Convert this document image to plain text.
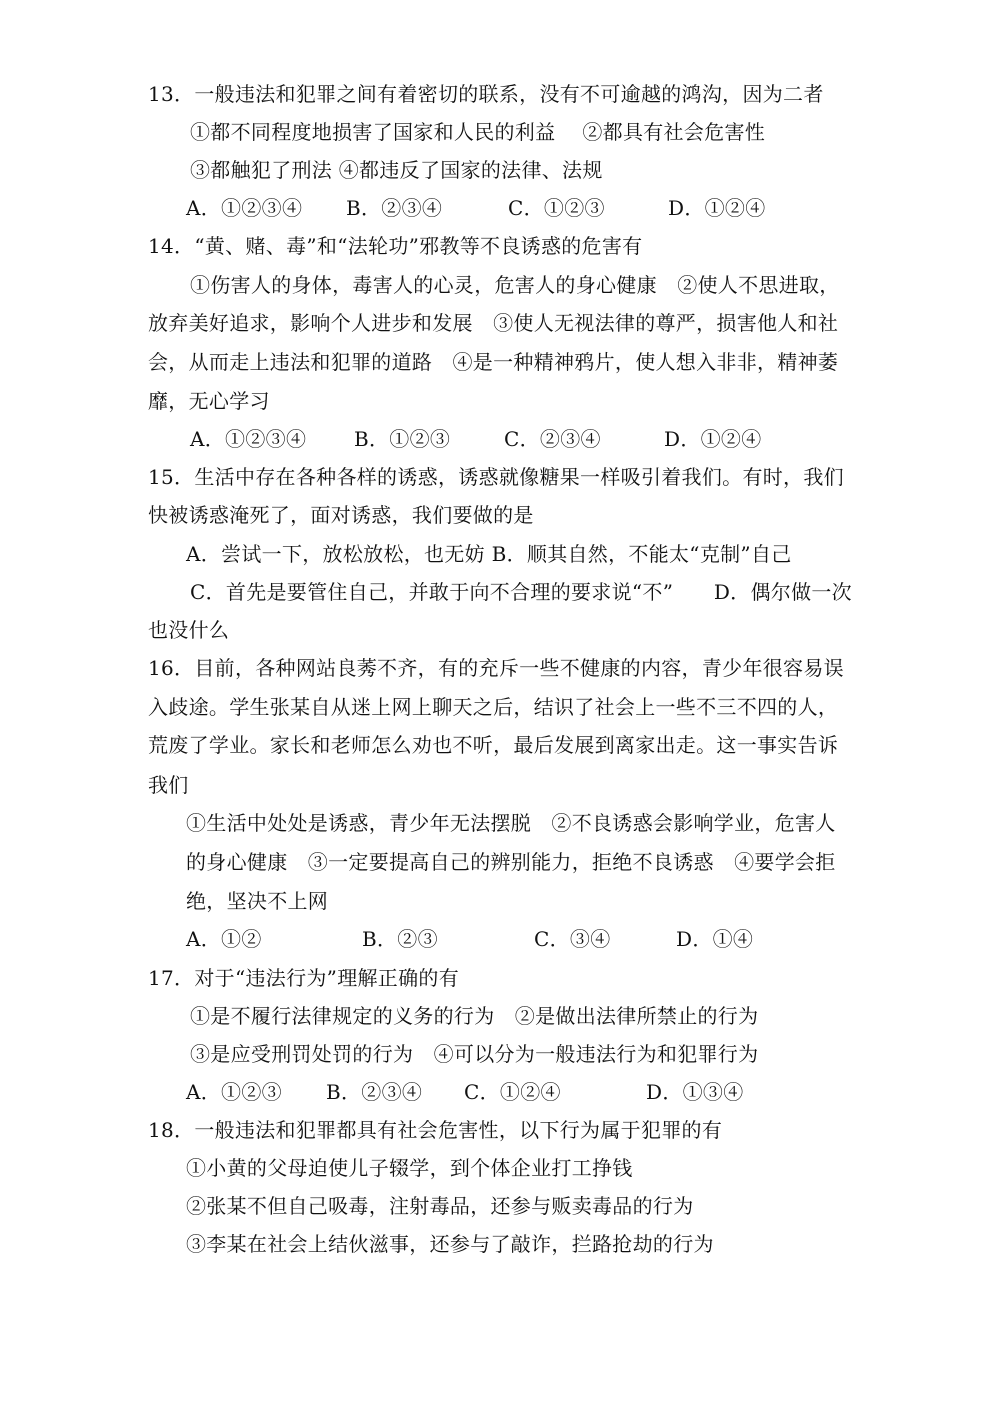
13．一般违法和犯罪之间有着密切的联系，没有不可逾越的鸿沟，因为二者
①都不同程度地损害了国家和人民的利益　 ②都具有社会危害性
③都触犯了刑法 ④都违反了国家的法律、法规
A．①②③④ B．②③④	C．①②③	D．①②④
14．“黄、赌、毒”和“法轮功”邪教等不良诱惑的危害有
①伤害人的身体，毒害人的心灵，危害人的身心健康　②使人不思进取，
放弃美好追求，影响个人进步和发展　③使人无视法律的尊严，损害他人和社
会，从而走上违法和犯罪的道路　④是一种精神鸦片，使人想入非非，精神萎
靡，无心学习
A．①②③④ B．①②③	C．②③④	D．①②④
15．生活中存在各种各样的诱惑，诱惑就像糖果一样吸引着我们。有时，我们
快被诱惑淹死了，面对诱惑，我们要做的是
A．尝试一下，放松放松，也无妨 B．顺其自然，不能太“克制”自己
C．首先是要管住自己，并敢于向不合理的要求说“不”　　D．偶尔做一次
也没什么
16．目前，各种网站良莠不齐，有的充斥一些不健康的内容，青少年很容易误
入歧途。学生张某自从迷上网上聊天之后，结识了社会上一些不三不四的人，
荒废了学业。家长和老师怎么劝也不听，最后发展到离家出走。这一事实告诉
我们
①生活中处处是诱惑，青少年无法摆脱　②不良诱惑会影响学业，危害人
的身心健康　③一定要提高自己的辨别能力，拒绝不良诱惑　④要学会拒
绝，坚决不上网
A．①②	B．②③	C．③④	D．①④
17．对于“违法行为”理解正确的有
①是不履行法律规定的义务的行为　②是做出法律所禁止的行为
③是应受刑罚处罚的行为　④可以分为一般违法行为和犯罪行为
A．①②③ B．②③④ C．①②④	D．①③④
18．一般违法和犯罪都具有社会危害性，以下行为属于犯罪的有
①小黄的父母迫使儿子辍学，到个体企业打工挣钱
②张某不但自己吸毒，注射毒品，还参与贩卖毒品的行为
③李某在社会上结伙滋事，还参与了敲诈，拦路抢劫的行为
